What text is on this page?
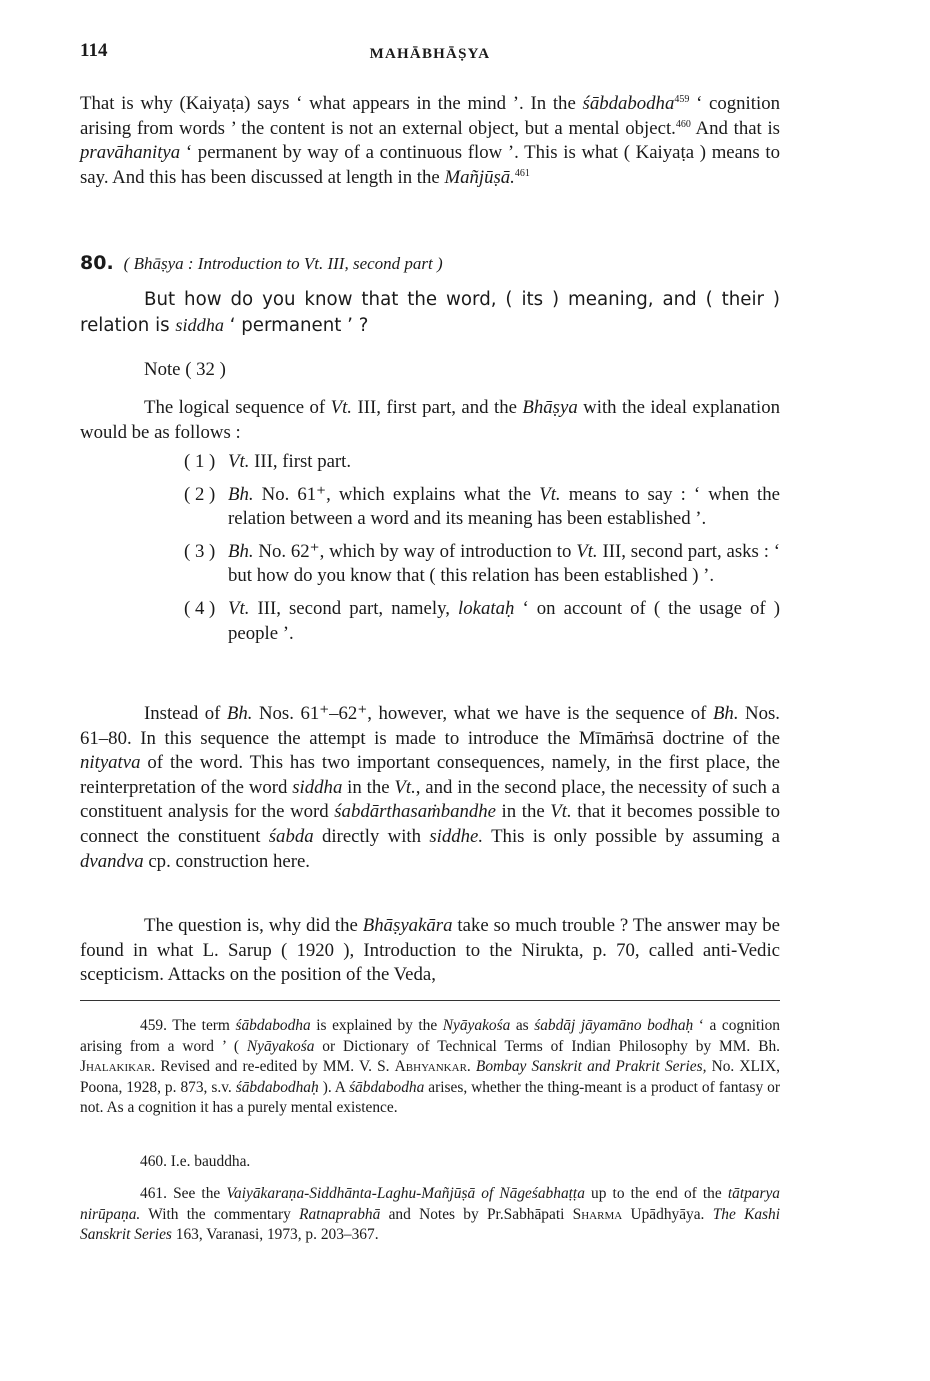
114	MAHĀBHĀṢYA

That is why (Kaiyaṭa) says ‘ what appears in the mind ’. In the śābdabodha$^{459}$ ‘ cognition arising from words ’ the content is not an external object, but a mental object.$^{460}$ And that is pravāhanitya ‘ permanent by way of a continuous flow ’. This is what ( Kaiyaṭa ) means to say. And this has been discussed at length in the Mañjūṣā.$^{461}$

80. ( Bhāṣya : Introduction to Vt. III, second part )

But how do you know that the word, ( its ) meaning, and ( their ) relation is siddha ‘ permanent ’ ?

Note ( 32 )

The logical sequence of Vt. III, first part, and the Bhāṣya with the ideal explanation would be as follows :

( 1 ) Vt. III, first part.
( 2 ) Bh. No. 61⁺, which explains what the Vt. means to say : ‘ when the relation between a word and its meaning has been established ’.
( 3 ) Bh. No. 62⁺, which by way of introduction to Vt. III, second part, asks : ‘ but how do you know that ( this relation has been established ) ’.
( 4 ) Vt. III, second part, namely, lokataḥ ‘ on account of ( the usage of ) people ’.

Instead of Bh. Nos. 61⁺–62⁺, however, what we have is the sequence of Bh. Nos. 61–80. In this sequence the attempt is made to introduce the Mīmāṁsā doctrine of the nityatva of the word. This has two important consequences, namely, in the first place, the reinterpretation of the word siddha in the Vt., and in the second place, the necessity of such a constituent analysis for the word śabdārthasaṁbandhe in the Vt. that it becomes possible to connect the constituent śabda directly with siddhe. This is only possible by assuming a dvandva cp. construction here.

The question is, why did the Bhāṣyakāra take so much trouble ? The answer may be found in what L. Sarup ( 1920 ), Introduction to the Nirukta, p. 70, called anti-Vedic scepticism. Attacks on the position of the Veda,

459. The term śābdabodha is explained by the Nyāyakośa as śabdāj jāyamāno bodhaḥ ‘ a cognition arising from a word ’ ( Nyāyakośa or Dictionary of Technical Terms of Indian Philosophy by MM. Bh. Jhalakikar. Revised and re-edited by MM. V. S. Abhyankar. Bombay Sanskrit and Prakrit Series, No. XLIX, Poona, 1928, p. 873, s.v. śābdabodhaḥ ). A śābdabodha arises, whether the thing-meant is a product of fantasy or not. As a cognition it has a purely mental existence.

460. I.e. bauddha.

461. See the Vaiyākaraṇa-Siddhānta-Laghu-Mañjūṣā of Nāgeśabhaṭṭa up to the end of the tātparya nirūpaṇa. With the commentary Ratnaprabhā and Notes by Pr.Sabhāpati Sharma Upādhyāya. The Kashi Sanskrit Series 163, Varanasi, 1973, p. 203–367.
